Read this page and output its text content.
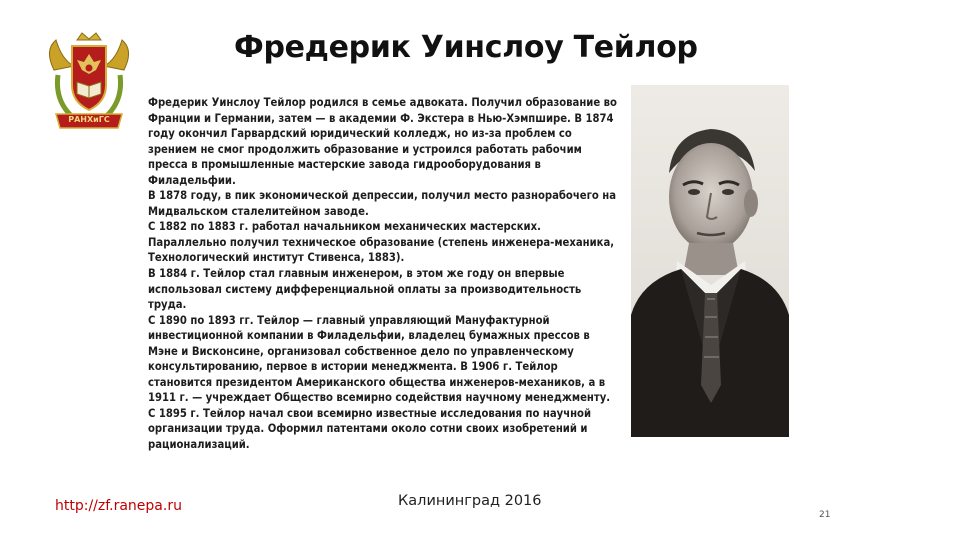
РАНХиГС
Фредерик Уинслоу Тейлор

Фредерик Уинслоу Тейлор родился в семье адвоката. Получил образование во Франции и Германии, затем — в академии Ф. Экстера в Нью-Хэмпшире. В 1874 году окончил Гарвардский юридический колледж, но из-за проблем со зрением не смог продолжить образование и устроился работать рабочим пресса в промышленные мастерские завода гидрооборудования в Филадельфии.

В 1878 году, в пик экономической депрессии, получил место разнорабочего на Мидвальском сталелитейном заводе.

С 1882 по 1883 г. работал начальником механических мастерских. Параллельно получил техническое образование (степень инженера-механика, Технологический институт Стивенса, 1883).

В 1884 г. Тейлор стал главным инженером, в этом же году он впервые использовал систему дифференциальной оплаты за производительность труда.

С 1890 по 1893 гг. Тейлор — главный управляющий Мануфактурной инвестиционной компании в Филадельфии, владелец бумажных прессов в Мэне и Висконсине, организовал собственное дело по управленческому консультированию, первое в истории менеджмента. В 1906 г. Тейлор становится президентом Американского общества инженеров-механиков, а в 1911 г. — учреждает Общество всемирно содействия научному менеджменту.

С 1895 г. Тейлор начал свои всемирно известные исследования по научной организации труда. Оформил патентами около сотни своих изобретений и рационализаций.

http://zf.ranepa.ru	Калининград 2016
21
